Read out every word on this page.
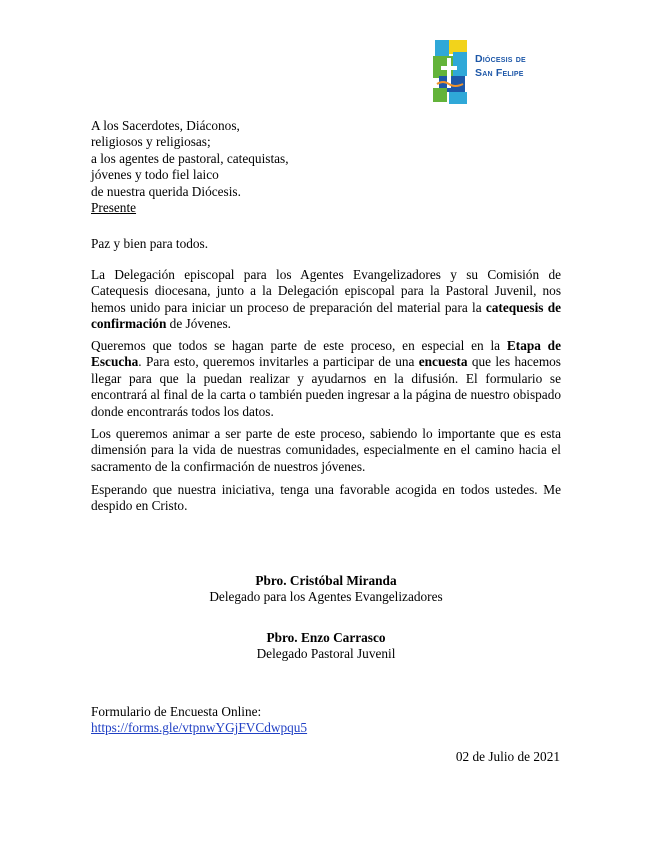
Diócesis de
San Felipe
A los Sacerdotes, Diáconos,
religiosos y religiosas;
a los agentes de pastoral, catequistas,
jóvenes y todo fiel laico
de nuestra querida Diócesis.
Presente
Paz y bien para todos.
La Delegación episcopal para los Agentes Evangelizadores y su Comisión de Catequesis diocesana, junto a la Delegación episcopal para la Pastoral Juvenil, nos hemos unido para iniciar un proceso de preparación del material para la catequesis de confirmación de Jóvenes.
Queremos que todos se hagan parte de este proceso, en especial en la Etapa de Escucha. Para esto, queremos invitarles a participar de una encuesta que les hacemos llegar para que la puedan realizar y ayudarnos en la difusión. El formulario se encontrará al final de la carta o también pueden ingresar a la página de nuestro obispado donde encontrarás todos los datos.
Los queremos animar a ser parte de este proceso, sabiendo lo importante que es esta dimensión para la vida de nuestras comunidades, especialmente en el camino hacia el sacramento de la confirmación de nuestros jóvenes.
Esperando que nuestra iniciativa, tenga una favorable acogida en todos ustedes. Me despido en Cristo.
Pbro. Cristóbal Miranda
Delegado para los Agentes Evangelizadores
Pbro. Enzo Carrasco
Delegado Pastoral Juvenil
Formulario de Encuesta Online:
https://forms.gle/vtpnwYGjFVCdwpqu5
02 de Julio de 2021
